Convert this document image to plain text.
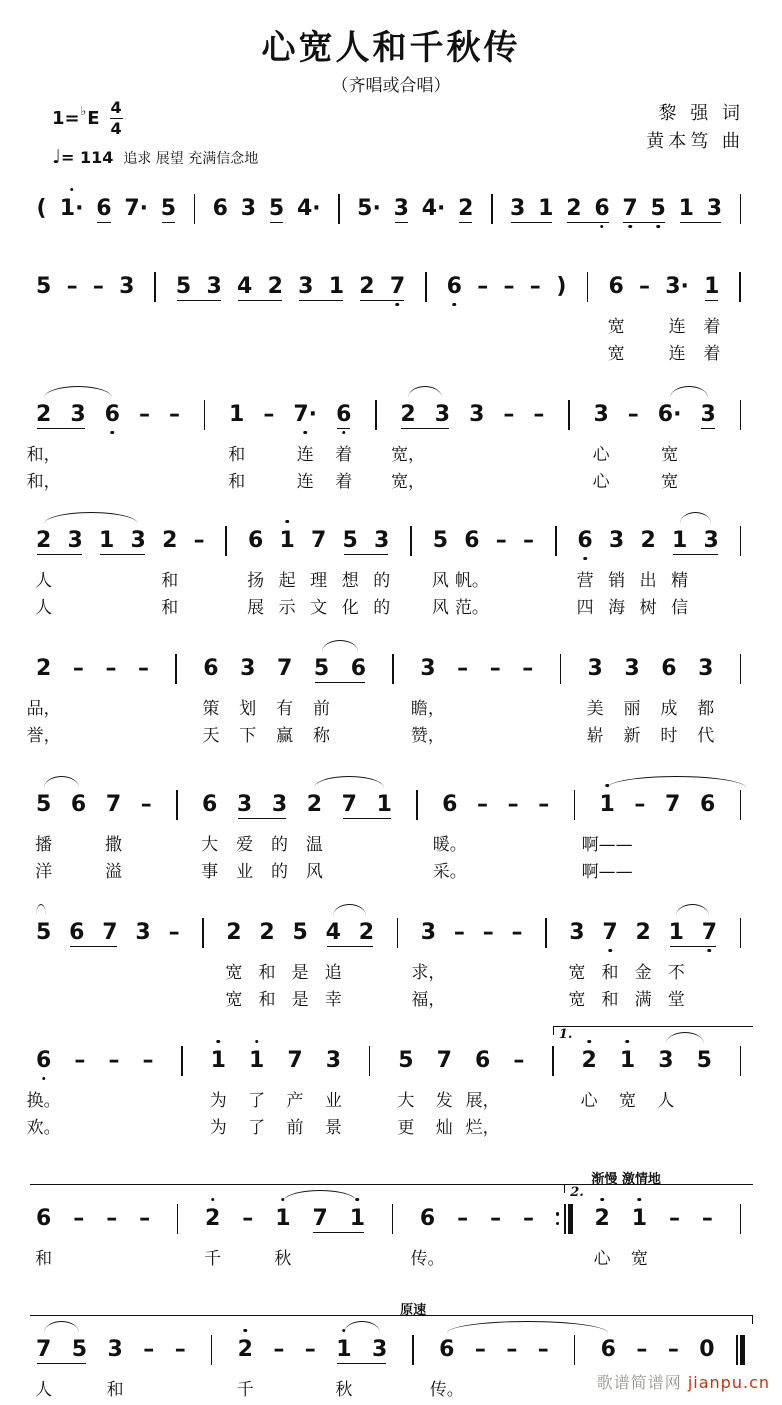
心宽人和千秋传
（齐唱或合唱）
1= ♭ E
4
4
♩= 114 追求 展望 充满信念地
黎 强 词
黄本笃 曲
( 1· 6 7· 5 6 3 5 4· 5· 3 4· 2 3 1 2 6 7 5 1 3
5 – – 3 5 3 4 2 3 1 2 7 6 – – – ) 6 – 3· 1
宽	连 着
宽	连 着
2 3 6 – – 1 – 7· 6 2 3 3 – – 3 – 6· 3
和，	和	连 着 宽，	心	宽
和，	和	连 着 宽，	心	宽
2 3 1 3 2 – 6 1 7 5 3 5 6 – – 6 3 2 1 3
人	和	扬 起 理 想 的 风 帆。	营 销 出 精
人	和	展 示 文 化 的 风 范。	四 海 树 信
2 – – – 6 3 7 5 6 3 – – – 3 3 6 3
品，	策 划 有 前	瞻，	美 丽 成 都
誉，	天 下 赢 称	赞，	崭 新 时 代
5 6 7 – 6 3 3 2 7 1 6 – – – 1 – 7 6
播	撒	大 爱 的 温	暖。	啊——
洋	溢	事 业 的 风	采。	啊——
5 6 7 3 – 2 2 5 4 2 3 – – – 3 7 2 1 7
宽 和 是 追	求，	宽 和 金 不
宽 和 是 幸	福，	宽 和 满 堂
6 – – –	1 1 7 3	5 7 6 –	2 1 3 5
1.
换。	为 了 产 业	大 发 展，	心 宽 人
欢。	为 了 前 景	更 灿 烂，
6 – – – 2 – 1 7 1 6 – – –	2 1 – –
2.
渐慢 激情地
和	千	秋	传。	心 宽
7 5 3 – – 2 – – 1 3 6 – – – 6 – – 0
原速
人	和	千	秋	传。	歌谱简谱网 jianpu.cn
